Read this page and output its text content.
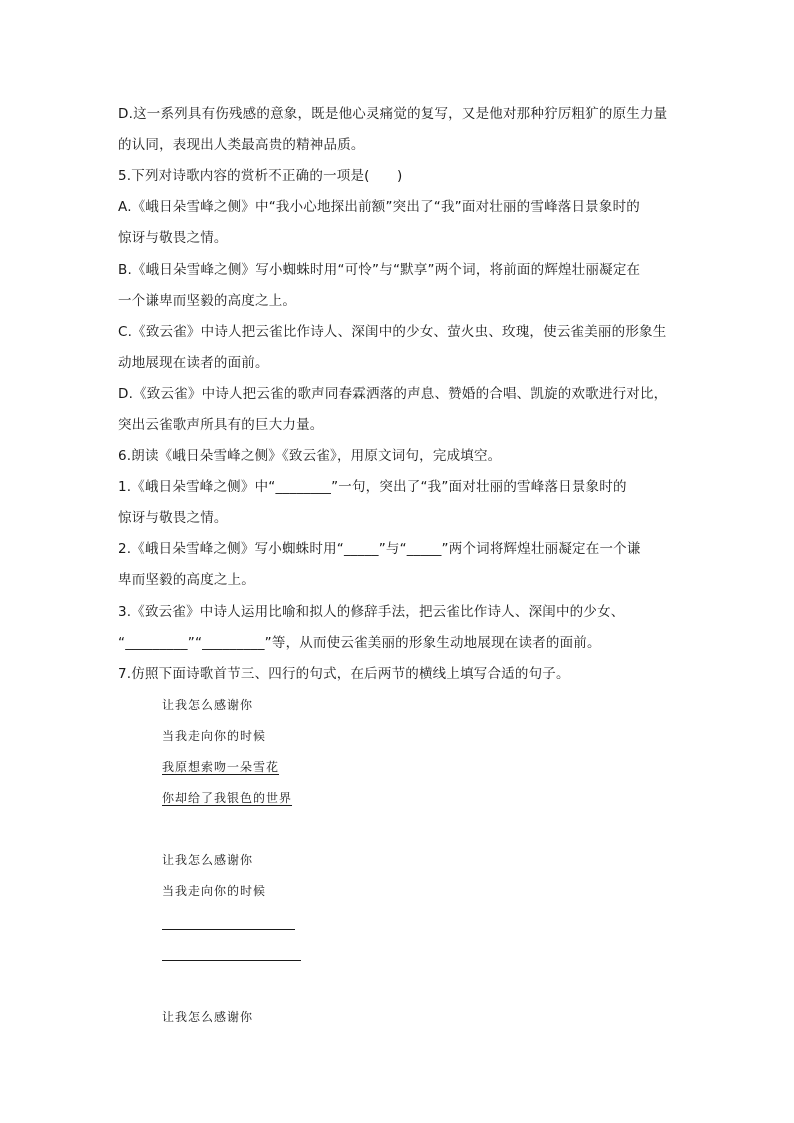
D.这一系列具有伤残感的意象，既是他心灵痛觉的复写，又是他对那种狞厉粗犷的原生力量
的认同，表现出人类最高贵的精神品质。
5.下列对诗歌内容的赏析不正确的一项是(　　)
A.《峨日朵雪峰之侧》中“我小心地探出前额”突出了“我”面对壮丽的雪峰落日景象时的
惊讶与敬畏之情。
B.《峨日朵雪峰之侧》写小蜘蛛时用“可怜”与“默享”两个词，将前面的辉煌壮丽凝定在
一个谦卑而坚毅的高度之上。
C.《致云雀》中诗人把云雀比作诗人、深闺中的少女、萤火虫、玫瑰，使云雀美丽的形象生
动地展现在读者的面前。
D.《致云雀》中诗人把云雀的歌声同春霖洒落的声息、赞婚的合唱、凯旋的欢歌进行对比，
突出云雀歌声所具有的巨大力量。
6.朗读《峨日朵雪峰之侧》《致云雀》，用原文词句，完成填空。
1.《峨日朵雪峰之侧》中“________”一句，突出了“我”面对壮丽的雪峰落日景象时的
惊讶与敬畏之情。
2.《峨日朵雪峰之侧》写小蜘蛛时用“_____”与“_____”两个词将辉煌壮丽凝定在一个谦
卑而坚毅的高度之上。
3.《致云雀》中诗人运用比喻和拟人的修辞手法，把云雀比作诗人、深闺中的少女、
“_________”“_________”等，从而使云雀美丽的形象生动地展现在读者的面前。
7.仿照下面诗歌首节三、四行的句式，在后两节的横线上填写合适的句子。
让我怎么感谢你
当我走向你的时候
我原想索吻一朵雪花
你却给了我银色的世界
让我怎么感谢你
当我走向你的时候
让我怎么感谢你
